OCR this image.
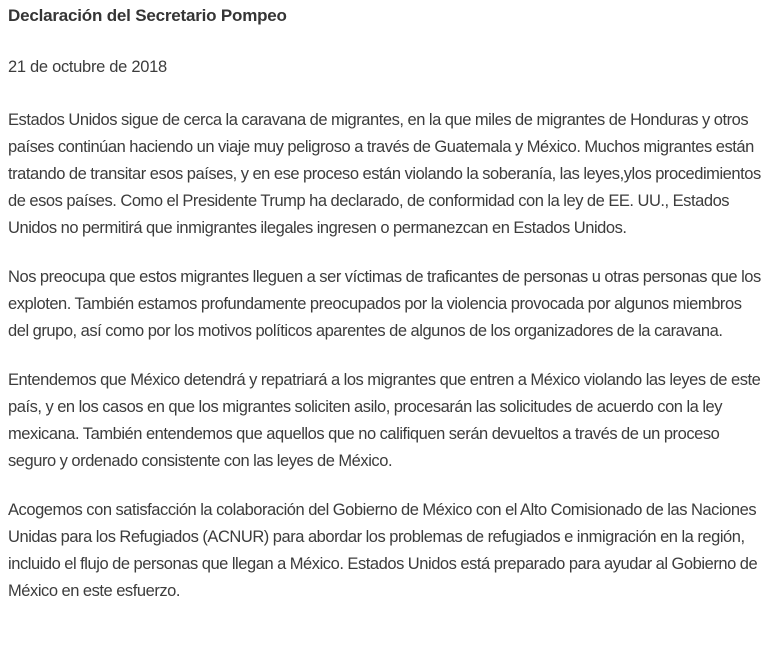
Declaración del Secretario Pompeo

21 de octubre de 2018

Estados Unidos sigue de cerca la caravana de migrantes, en la que miles de migrantes de Honduras y otros países continúan haciendo un viaje muy peligroso a través de Guatemala y México. Muchos migrantes están tratando de transitar esos países, y en ese proceso están violando la soberanía, las leyes,ylos procedimientos de esos países. Como el Presidente Trump ha declarado, de conformidad con la ley de EE. UU., Estados Unidos no permitirá que inmigrantes ilegales ingresen o permanezcan en Estados Unidos.

Nos preocupa que estos migrantes lleguen a ser víctimas de traficantes de personas u otras personas que los exploten. También estamos profundamente preocupados por la violencia provocada por algunos miembros del grupo, así como por los motivos políticos aparentes de algunos de los organizadores de la caravana.

Entendemos que México detendrá y repatriará a los migrantes que entren a México violando las leyes de este país, y en los casos en que los migrantes soliciten asilo, procesarán las solicitudes de acuerdo con la ley mexicana. También entendemos que aquellos que no califiquen serán devueltos a través de un proceso seguro y ordenado consistente con las leyes de México.

Acogemos con satisfacción la colaboración del Gobierno de México con el Alto Comisionado de las Naciones Unidas para los Refugiados (ACNUR) para abordar los problemas de refugiados e inmigración en la región, incluido el flujo de personas que llegan a México. Estados Unidos está preparado para ayudar al Gobierno de México en este esfuerzo.
